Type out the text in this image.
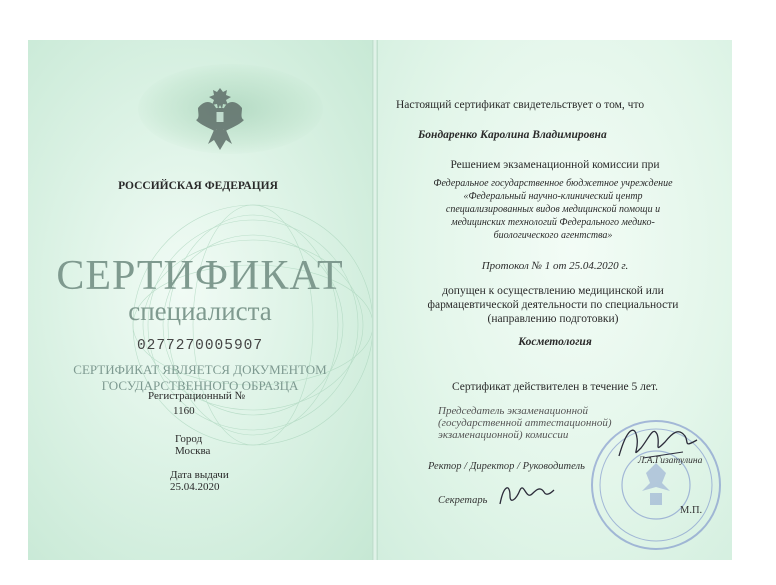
РОССИЙСКАЯ ФЕДЕРАЦИЯ
СЕРТИФИКАТ
специалиста
0277270005907
СЕРТИФИКАТ ЯВЛЯЕТСЯ ДОКУМЕНТОМ
ГОСУДАРСТВЕННОГО ОБРАЗЦА
Регистрационный №
1160
Город
Москва
Дата выдачи
25.04.2020
Настоящий сертификат свидетельствует о том, что
Бондаренко Каролина Владимировна
Решением экзаменационной комиссии при
Федеральное государственное бюджетное учреждение
«Федеральный научно-клинический центр
специализированных видов медицинской помощи и
медицинских технологий Федерального медико-
биологического агентства»
Протокол № 1 от 25.04.2020 г.
допущен к осуществлению медицинской или
фармацевтической деятельности по специальности
(направлению подготовки)
Косметология
Сертификат действителен в течение 5 лет.
Председатель экзаменационной
(государственной аттестационной)
экзаменационной) комиссии
Ректор / Директор / Руководитель	Л.А.Гизатулина
Секретарь
М.П.
